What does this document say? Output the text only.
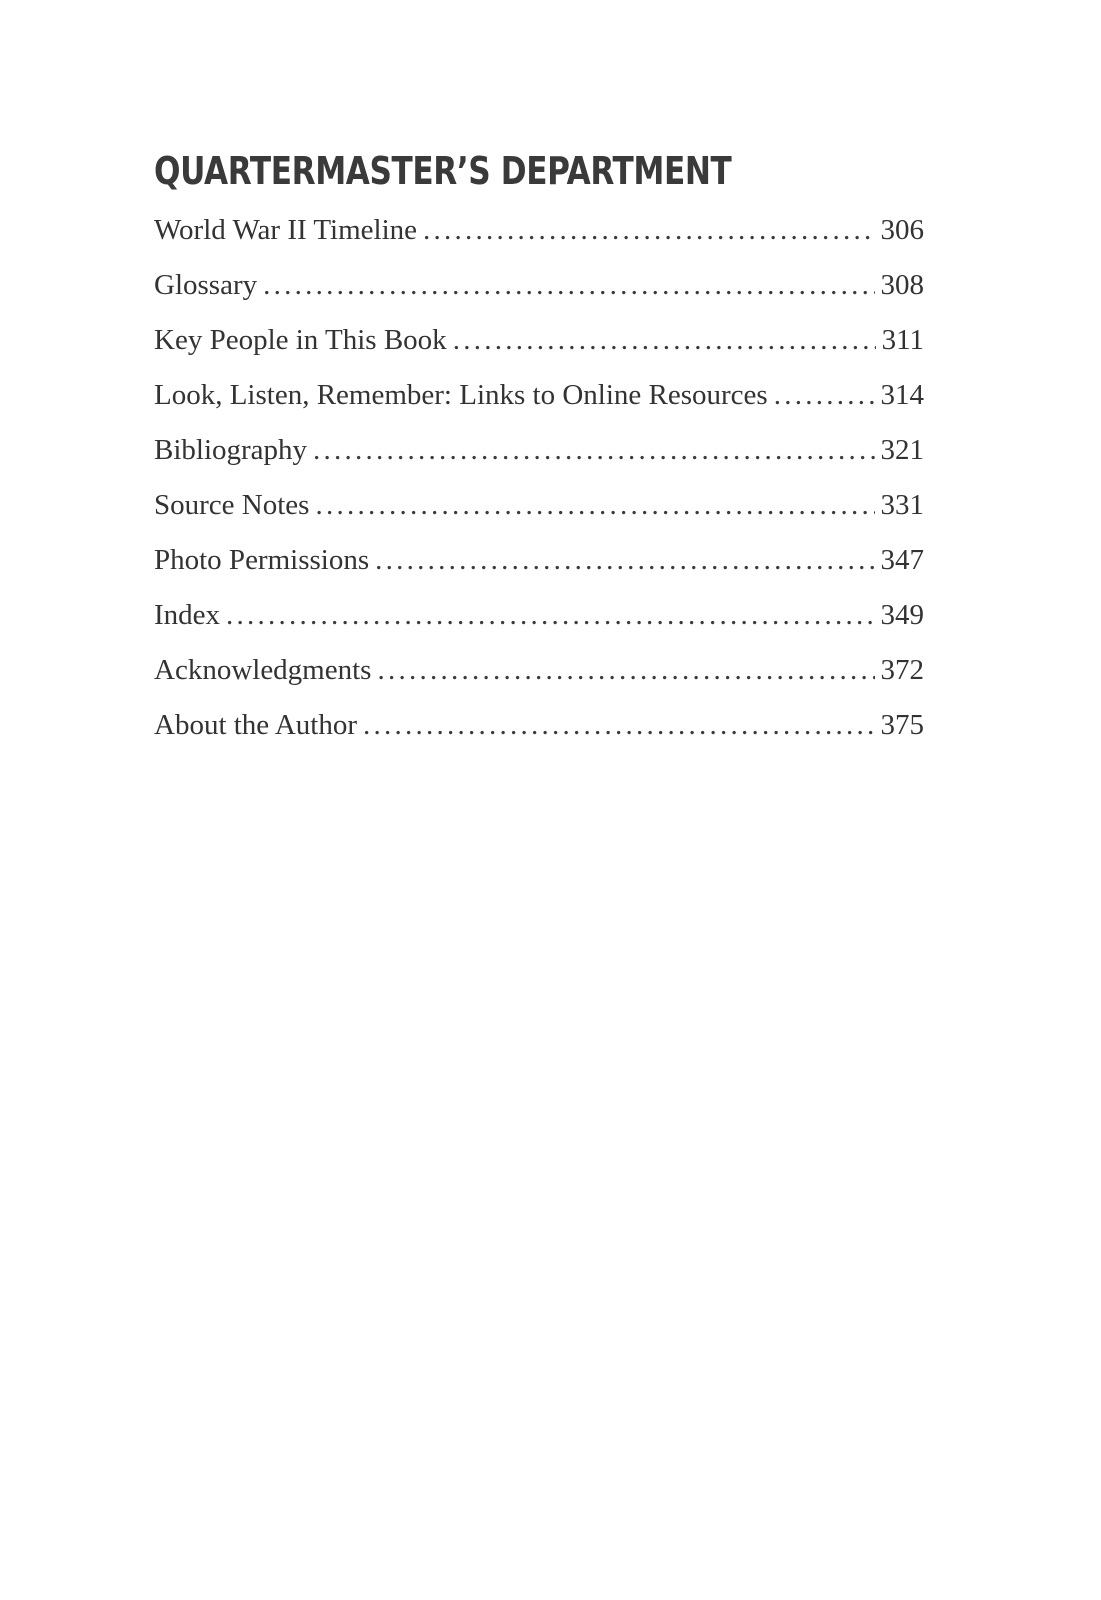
QUARTERMASTER’S DEPARTMENT
World War II Timeline . . .	306
Glossary . . .	308
Key People in This Book . . .	311
Look, Listen, Remember: Links to Online Resources . . .	314
Bibliography . . .	321
Source Notes . . .	331
Photo Permissions . . .	347
Index . . .	349
Acknowledgments . . .	372
About the Author . . .	375
